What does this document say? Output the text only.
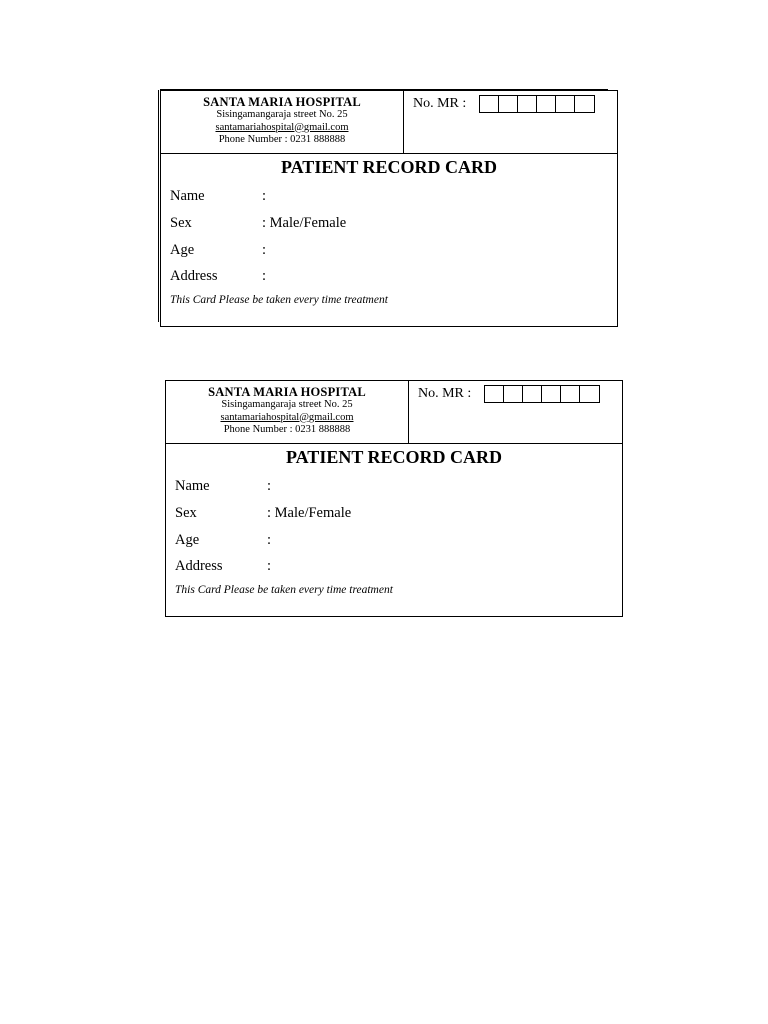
SANTA MARIA HOSPITAL
Sisingamangaraja street No. 25
santamariahospital@gmail.com
Phone Number : 0231 888888
No. MR :
PATIENT RECORD CARD
Name	:
Sex	: Male/Female
Age	:
Address	:
This Card Please be taken every time treatment
SANTA MARIA HOSPITAL
Sisingamangaraja street No. 25
santamariahospital@gmail.com
Phone Number : 0231 888888
No. MR :
PATIENT RECORD CARD
Name	:
Sex	: Male/Female
Age	:
Address	:
This Card Please be taken every time treatment
